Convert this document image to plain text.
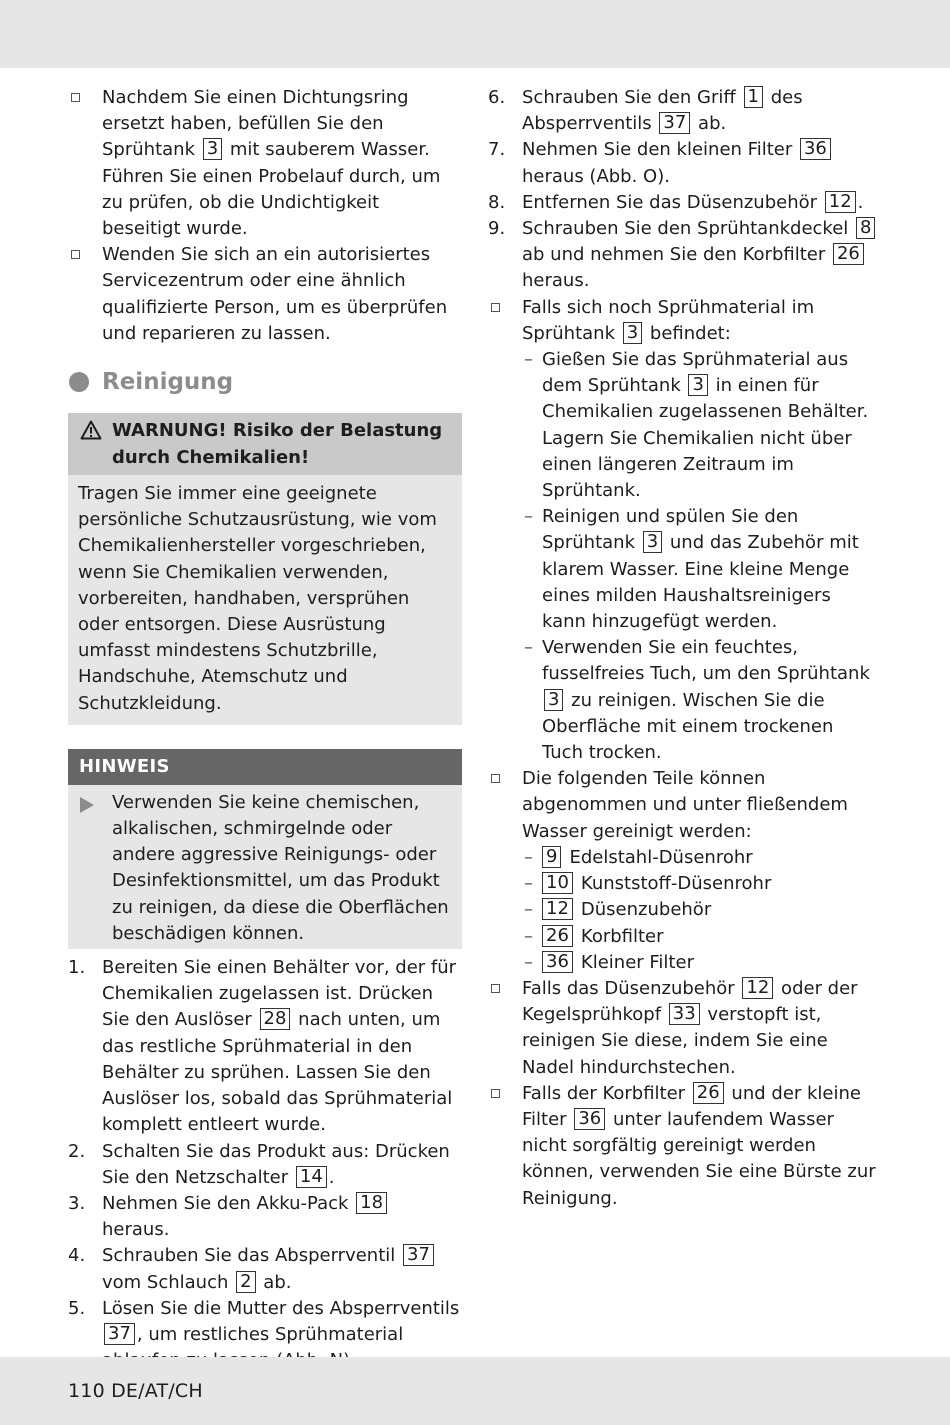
Nachdem Sie einen Dichtungsring ersetzt haben, befüllen Sie den Sprühtank 3 mit sauberem Wasser. Führen Sie einen Probelauf durch, um zu prüfen, ob die Undichtigkeit beseitigt wurde.
Wenden Sie sich an ein autorisiertes Servicezentrum oder eine ähnlich qualifizierte Person, um es überprüfen und reparieren zu lassen.
Reinigung
WARNUNG! Risiko der Belastung durch Chemikalien!
Tragen Sie immer eine geeignete persönliche Schutzausrüstung, wie vom Chemikalienhersteller vorgeschrieben, wenn Sie Chemikalien verwenden, vorbereiten, handhaben, versprühen oder entsorgen. Diese Ausrüstung umfasst mindestens Schutzbrille, Handschuhe, Atemschutz und Schutzkleidung.
HINWEIS
Verwenden Sie keine chemischen, alkalischen, schmirgelnde oder andere aggressive Reinigungs- oder Desinfektionsmittel, um das Produkt zu reinigen, da diese die Oberflächen beschädigen können.
1. Bereiten Sie einen Behälter vor, der für Chemikalien zugelassen ist. Drücken Sie den Auslöser 28 nach unten, um das restliche Sprühmaterial in den Behälter zu sprühen. Lassen Sie den Auslöser los, sobald das Sprühmaterial komplett entleert wurde.
2. Schalten Sie das Produkt aus: Drücken Sie den Netzschalter 14 .
3. Nehmen Sie den Akku-Pack 18 heraus.
4. Schrauben Sie das Absperrventil 37 vom Schlauch 2 ab.
5. Lösen Sie die Mutter des Absperrventils 37 , um restliches Sprühmaterial
6. Schrauben Sie den Griff 1 des Absperrventils 37 ab.
7. Nehmen Sie den kleinen Filter 36 heraus (Abb. O).
8. Entfernen Sie das Düsenzubehör 12 .
9. Schrauben Sie den Sprühtankdeckel 8 ab und nehmen Sie den Korbfilter 26 heraus.
Falls sich noch Sprühmaterial im Sprühtank 3 befindet:
– Gießen Sie das Sprühmaterial aus dem Sprühtank 3 in einen für Chemikalien zugelassenen Behälter. Lagern Sie Chemikalien nicht über einen längeren Zeitraum im Sprühtank.
– Reinigen und spülen Sie den Sprühtank 3 und das Zubehör mit klarem Wasser. Eine kleine Menge eines milden Haushaltsreinigers kann hinzugefügt werden.
– Verwenden Sie ein feuchtes, fusselfreies Tuch, um den Sprühtank 3 zu reinigen. Wischen Sie die Oberfläche mit einem trockenen Tuch trocken.
Die folgenden Teile können abgenommen und unter fließendem Wasser gereinigt werden:
– 9 Edelstahl-Düsenrohr
– 10 Kunststoff-Düsenrohr
– 12 Düsenzubehör
– 26 Korbfilter
– 36 Kleiner Filter
Falls das Düsenzubehör 12 oder der Kegelsprühkopf 33 verstopft ist, reinigen Sie diese, indem Sie eine Nadel hindurchstechen.
Falls der Korbfilter 26 und der kleine Filter 36 unter laufendem Wasser nicht sorgfältig gereinigt werden können, verwenden Sie eine Bürste zur Reinigung.
110 DE/AT/CH
